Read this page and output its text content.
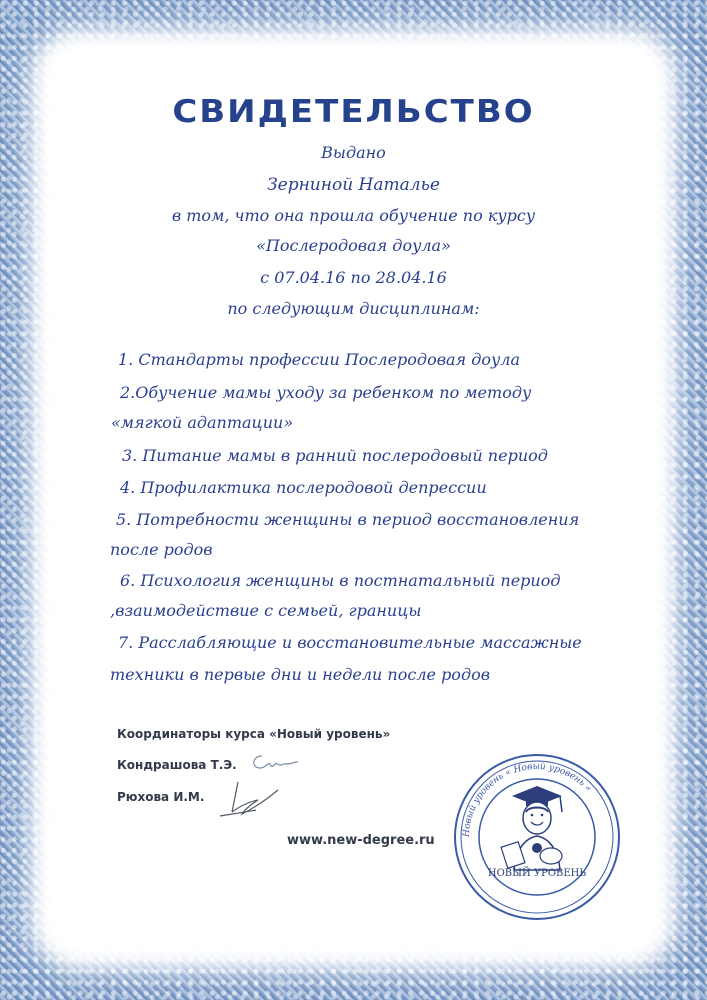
СВИДЕТЕЛЬСТВО
Выдано
Зерниной Наталье
в том, что она прошла обучение по курсу
«Послеродовая доула»
с 07.04.16 по 28.04.16
по следующим дисциплинам:
1. Стандарты профессии Послеродовая доула
2.Обучение мамы уходу за ребенком по методу
«мягкой адаптации»
3. Питание мамы в ранний послеродовый период
4. Профилактика послеродовой депрессии
5. Потребности женщины в период восстановления
после родов
6. Психология женщины в постнатальный период
,взаимодействие с семьей, границы
7. Расслабляющие и восстановительные массажные
техники в первые дни и недели после родов
Координаторы курса «Новый уровень»
Кондрашова Т.Э.
Рюхова И.М.
www.new-degree.ru	Новый уровень « Новый уровень «
НОВЫЙ УРОВЕНЬ
